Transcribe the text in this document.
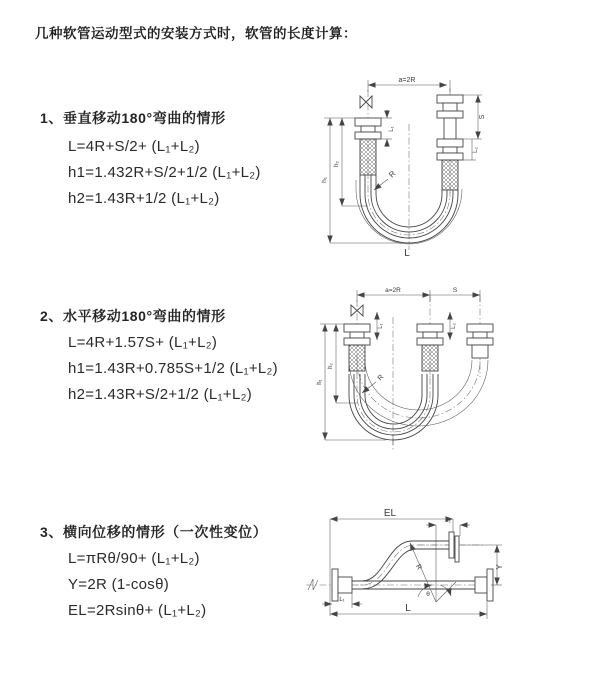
几种软管运动型式的安装方式时，软管的长度计算：
1、垂直移动180°弯曲的情形
L=4R+S/2+ (L₁+L₂)
h1=1.432R+S/2+1/2 (L₁+L₂)
h2=1.43R+1/2 (L₁+L₂)
2、水平移动180°弯曲的情形
L=4R+1.57S+ (L₁+L₂)
h1=1.43R+0.785S+1/2 (L₁+L₂)
h2=1.43R+S/2+1/2 (L₁+L₂)
3、横向位移的情形（一次性变位）
L=πRθ/90+ (L₁+L₂)
Y=2R (1-cosθ)
EL=2Rsinθ+ (L₁+L₂)
a=2R
L₁
S
L₂
h₁
h₂
R
L
a=2R	S
L₁	L₂
h₁
h₂
R
EL
L₂
Y
R
θ
L
L₁
